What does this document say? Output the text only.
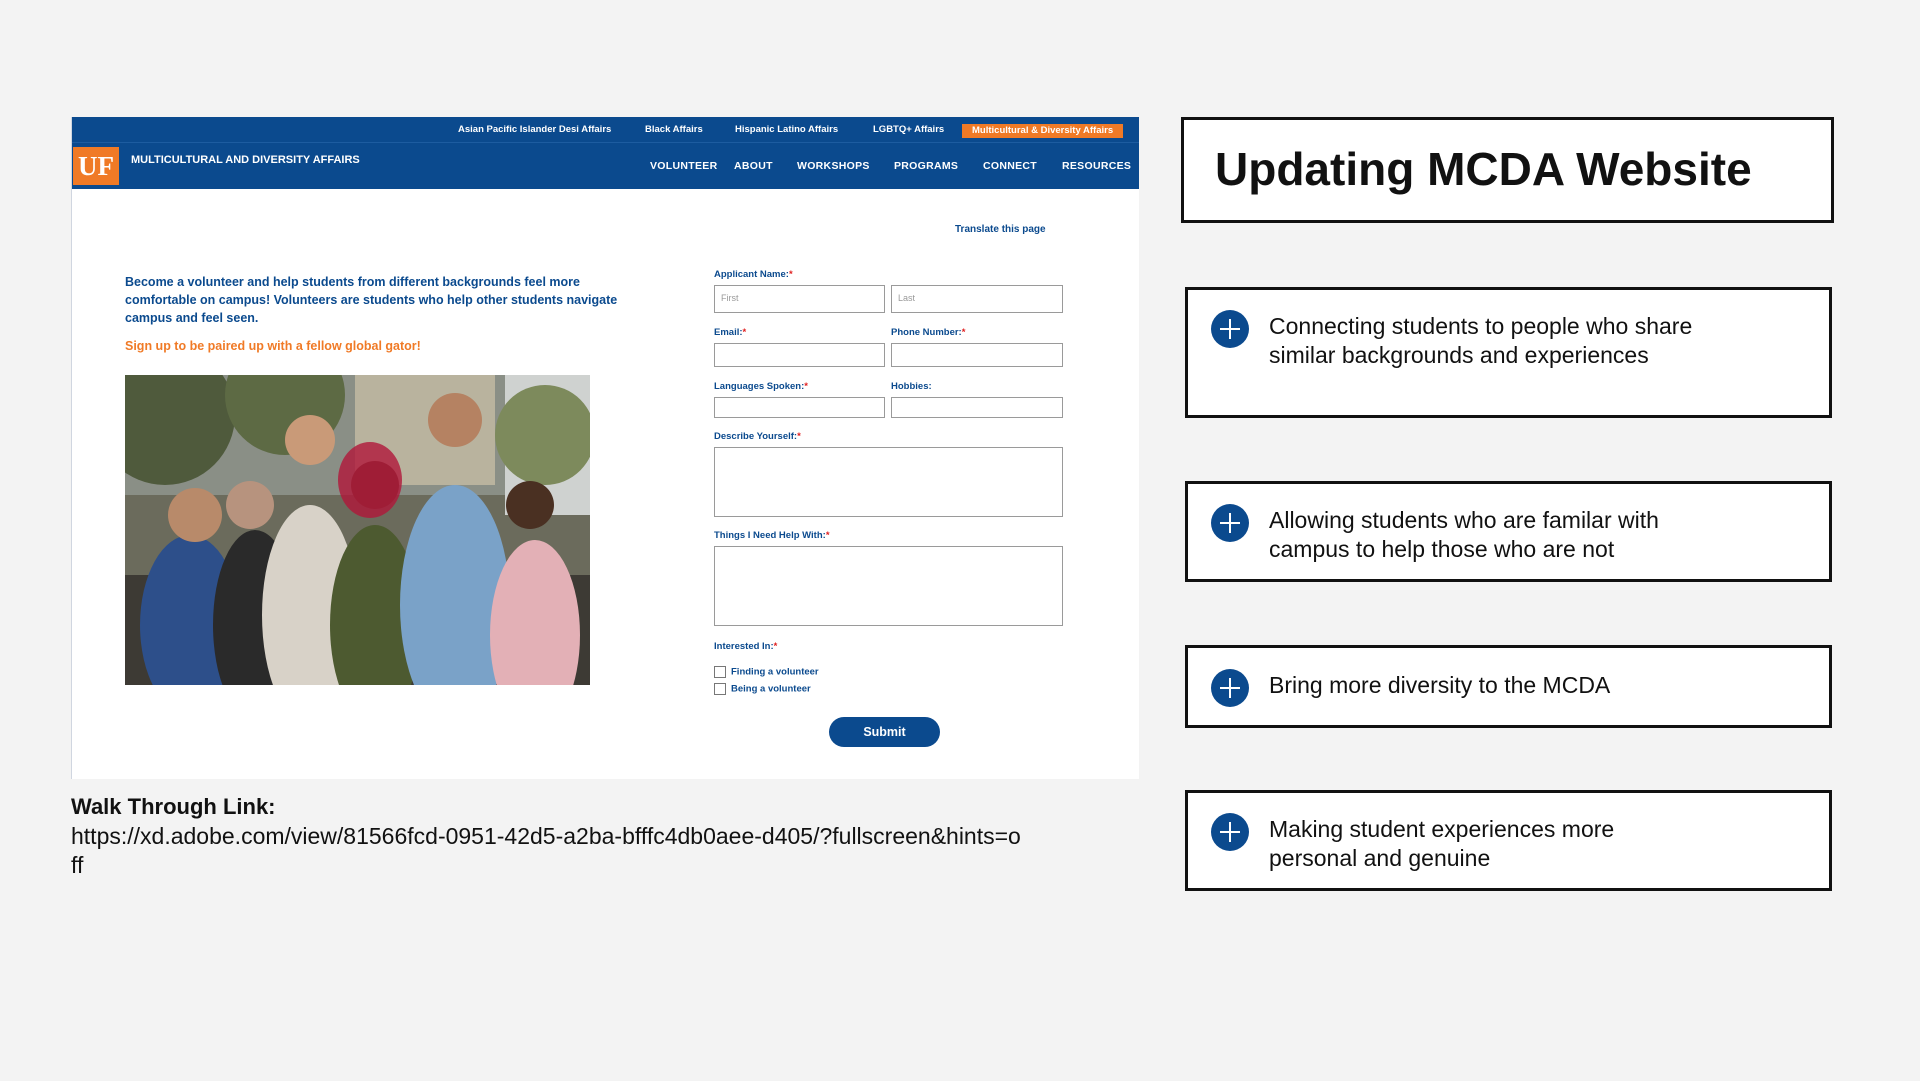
Asian Pacific Islander Desi Affairs	Black Affairs	Hispanic Latino Affairs	LGBTQ+ Affairs	Multicultural & Diversity Affairs
UF	MULTICULTURAL AND DIVERSITY AFFAIRS	VOLUNTEER ABOUT WORKSHOPS PROGRAMS CONNECT RESOURCES
Translate this page
Become a volunteer and help students from different backgrounds feel more comfortable on campus! Volunteers are students who help other students navigate campus and feel seen.
Sign up to be paired up with a fellow global gator!
Applicant Name:*
First	Last
Email:*	Phone Number:*
Languages Spoken:*	Hobbies:
Describe Yourself:*
Things I Need Help With:*
Interested In:*
Finding a volunteer
Being a volunteer
Submit
Walk Through Link:
https://xd.adobe.com/view/81566fcd-0951-42d5-a2ba-bfffc4db0aee-d405/?fullscreen&hints=off
Updating MCDA Website
Connecting students to people who share
similar backgrounds and experiences
Allowing students who are familar with
campus to help those who are not
Bring more diversity to the MCDA
Making student experiences more
personal and genuine
